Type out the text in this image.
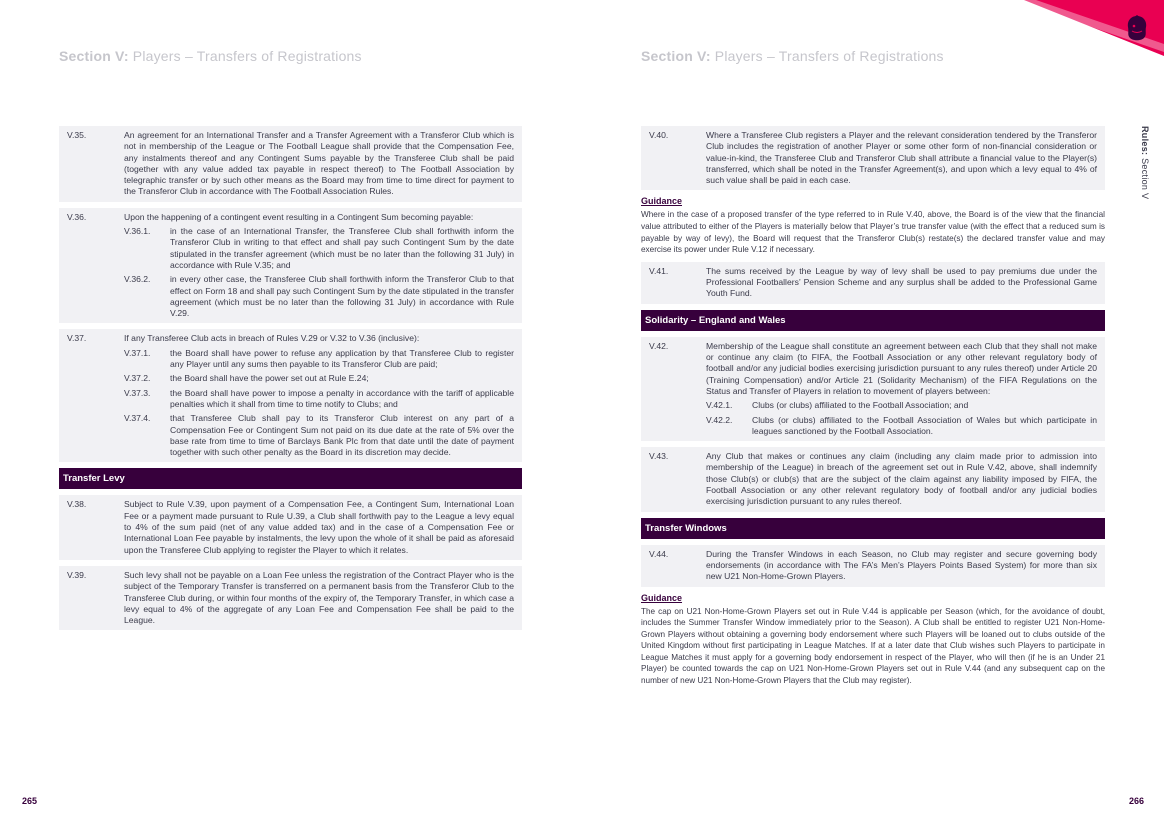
Section V: Players – Transfers of Registrations	Section V: Players – Transfers of Registrations
Rules: Section V
V.35.	An agreement for an International Transfer and a Transfer Agreement with a Transferor Club which is not in membership of the League or The Football League shall provide that the Compensation Fee, any instalments thereof and any Contingent Sums payable by the Transferee Club shall be paid (together with any value added tax payable in respect thereof) to The Football Association by telegraphic transfer or by such other means as the Board may from time to time direct for payment to the Transferor Club in accordance with The Football Association Rules.
V.36.	Upon the happening of a contingent event resulting in a Contingent Sum becoming payable:
V.36.1.	in the case of an International Transfer, the Transferee Club shall forthwith inform the Transferor Club in writing to that effect and shall pay such Contingent Sum by the date stipulated in the transfer agreement (which must be no later than the following 31 July) in accordance with Rule V.35; and
V.36.2.	in every other case, the Transferee Club shall forthwith inform the Transferor Club to that effect on Form 18 and shall pay such Contingent Sum by the date stipulated in the transfer agreement (which must be no later than the following 31 July) in accordance with Rule V.29.
V.37.	If any Transferee Club acts in breach of Rules V.29 or V.32 to V.36 (inclusive):
V.37.1.	the Board shall have power to refuse any application by that Transferee Club to register any Player until any sums then payable to its Transferor Club are paid;
V.37.2.	the Board shall have the power set out at Rule E.24;
V.37.3.	the Board shall have power to impose a penalty in accordance with the tariff of applicable penalties which it shall from time to time notify to Clubs; and
V.37.4.	that Transferee Club shall pay to its Transferor Club interest on any part of a Compensation Fee or Contingent Sum not paid on its due date at the rate of 5% over the base rate from time to time of Barclays Bank Plc from that date until the date of payment together with such other penalty as the Board in its discretion may decide.
Transfer Levy
V.38.	Subject to Rule V.39, upon payment of a Compensation Fee, a Contingent Sum, International Loan Fee or a payment made pursuant to Rule U.39, a Club shall forthwith pay to the League a levy equal to 4% of the sum paid (net of any value added tax) and in the case of a Compensation Fee or International Loan Fee payable by instalments, the levy upon the whole of it shall be paid as aforesaid upon the Transferee Club applying to register the Player to which it relates.
V.39.	Such levy shall not be payable on a Loan Fee unless the registration of the Contract Player who is the subject of the Temporary Transfer is transferred on a permanent basis from the Transferor Club to the Transferee Club during, or within four months of the expiry of, the Temporary Transfer, in which case a levy equal to 4% of the aggregate of any Loan Fee and Compensation Fee shall be paid to the League.
V.40.	Where a Transferee Club registers a Player and the relevant consideration tendered by the Transferor Club includes the registration of another Player or some other form of non-financial consideration or value-in-kind, the Transferee Club and Transferor Club shall attribute a financial value to the Player(s) transferred, which shall be noted in the Transfer Agreement(s), and upon which a levy equal to 4% of such value shall be paid in each case.
Guidance
Where in the case of a proposed transfer of the type referred to in Rule V.40, above, the Board is of the view that the financial value attributed to either of the Players is materially below that Player’s true transfer value (with the effect that a reduced sum is payable by way of levy), the Board will request that the Transferor Club(s) restate(s) the declared transfer value and may exercise its power under Rule V.12 if necessary.
V.41.	The sums received by the League by way of levy shall be used to pay premiums due under the Professional Footballers’ Pension Scheme and any surplus shall be added to the Professional Game Youth Fund.
Solidarity – England and Wales
V.42.	Membership of the League shall constitute an agreement between each Club that they shall not make or continue any claim (to FIFA, the Football Association or any other relevant regulatory body of football and/or any judicial bodies exercising jurisdiction pursuant to any rules thereof) under Article 20 (Training Compensation) and/or Article 21 (Solidarity Mechanism) of the FIFA Regulations on the Status and Transfer of Players in relation to movement of players between:
V.42.1.	Clubs (or clubs) affiliated to the Football Association; and
V.42.2.	Clubs (or clubs) affiliated to the Football Association of Wales but which participate in leagues sanctioned by the Football Association.
V.43.	Any Club that makes or continues any claim (including any claim made prior to admission into membership of the League) in breach of the agreement set out in Rule V.42, above, shall indemnify those Club(s) or club(s) that are the subject of the claim against any liability imposed by FIFA, the Football Association or any other relevant regulatory body of football and/or any judicial bodies exercising jurisdiction pursuant to any rules thereof.
Transfer Windows
V.44.	During the Transfer Windows in each Season, no Club may register and secure governing body endorsements (in accordance with The FA’s Men’s Players Points Based System) for more than six new U21 Non-Home-Grown Players.
Guidance
The cap on U21 Non-Home-Grown Players set out in Rule V.44 is applicable per Season (which, for the avoidance of doubt, includes the Summer Transfer Window immediately prior to the Season). A Club shall be entitled to register U21 Non-Home-Grown Players without obtaining a governing body endorsement where such Players will be loaned out to clubs outside of the United Kingdom without first participating in League Matches. If at a later date that Club wishes such Players to participate in League Matches it must apply for a governing body endorsement in respect of the Player, who will then (if he is an Under 21 Player) be counted towards the cap on U21 Non-Home-Grown Players set out in Rule V.44 (and any subsequent cap on the number of new U21 Non-Home-Grown Players that the Club may register).
265	266
